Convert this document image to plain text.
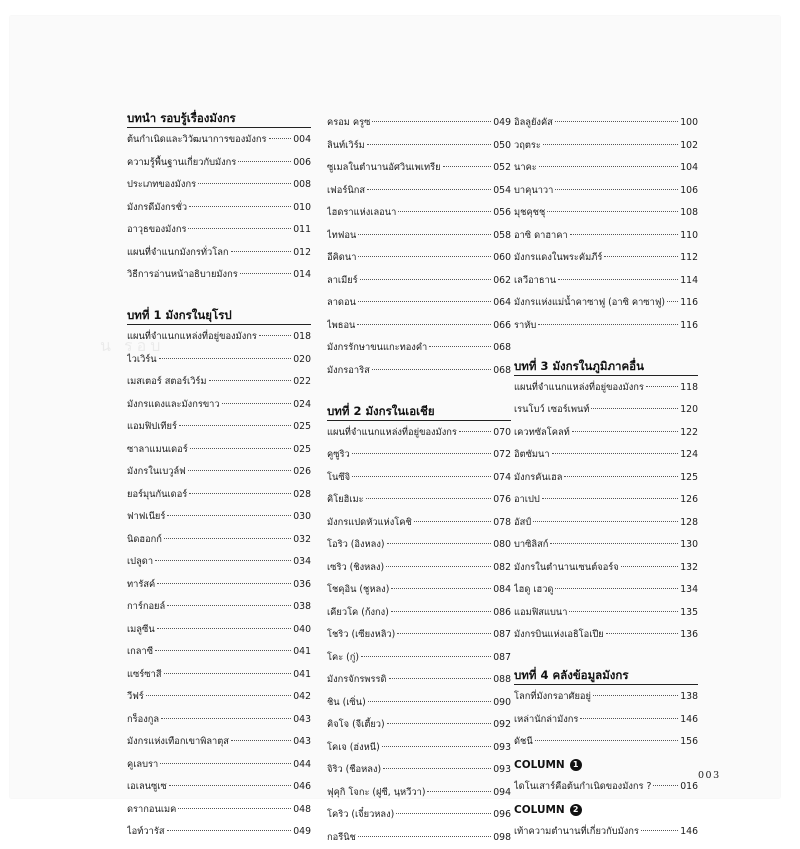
น รอบ
บทนำ รอบรู้เรื่องมังกร
ต้นกำเนิดและวิวัฒนาการของมังกร	004
ความรู้พื้นฐานเกี่ยวกับมังกร	006
ประเภทของมังกร	008
มังกรดีมังกรชั่ว	010
อาวุธของมังกร	011
แผนที่จำแนกมังกรทั่วโลก	012
วิธีการอ่านหน้าอธิบายมังกร	014
บทที่ 1 มังกรในยุโรป
แผนที่จำแนกแหล่งที่อยู่ของมังกร	018
ไวเวิร์น	020
เมสเตอร์ สตอร์เวิร์ม	022
มังกรแดงและมังกรขาว	024
แอมฟิปเทียร์	025
ซาลาแมนเดอร์	025
มังกรในเบวูล์ฟ	026
ยอร์มุนกันเดอร์	028
ฟาฟเนียร์	030
นิดฮอกก์	032
เปลูดา	034
ทารัสค์	036
การ์กอยล์	038
เมลูซีน	040
เกลาซี	041
แซร์ซาสี	041
วีฟร์	042
กร็องกูล	043
มังกรแห่งเทือกเขาพิลาตุส	043
คูเลบรา	044
เอเลนซูเซ	046
ดรากอนเมค	048
ไอท์วารัส	049
ครอม ครูซ	049
ลินท์เวิร์ม	050
ซูเมลในตำนานอัศวินเพเทรีย	052
เฟอร์นิกส	054
ไฮดราแห่งเลอนา	056
ไทฟอน	058
อีคิดนา	060
ลาเมียร์	062
ลาดอน	064
ไพธอน	066
มังกรรักษาขนแกะทองคำ	068
มังกรอาริส	068
บทที่ 2 มังกรในเอเชีย
แผนที่จำแนกแหล่งที่อยู่ของมังกร	070
คูซูริว	072
โนซึจิ	074
คิโยฮิเมะ	076
มังกรแปดหัวแห่งโคชิ	078
โอริว (อิงหลง)	080
เซริว (ชิงหลง)	082
โชคุอิน (ชูหลง)	084
เคียวโค (ก้งกง)	086
โชริว (เซียงหลิว)	087
โคะ (กู่)	087
มังกรจักรพรรดิ	088
ชิน (เซิ่น)	090
คิจโจ (จีเตี้ยว)	092
โคเจ (ฮ่งหนี)	093
จิริว (ชือหลง)	093
ฟุคุกิ โจกะ (ฝูซี, นฺหวีวา)	094
โคริว (เจี๋ยวหลง)	096
กอรีนิช	098
อิลลูยังคัส	100
วฤตระ	102
นาคะ	104
บาคุนาวา	106
มุชคุชชุ	108
อาซิ ดาฮาคา	110
มังกรแดงในพระคัมภีร์	112
เลวีอาธาน	114
มังกรแห่งแม่น้ำคาซาฟู (อาซิ คาซาฟู) 116
ราหับ	116
บทที่ 3 มังกรในภูมิภาคอื่น
แผนที่จำแนกแหล่งที่อยู่ของมังกร	118
เรนโบว์ เซอร์เพนท์	120
เควทซัลโคลท์	122
อิตซัมนา	124
มังกรคันเฮล	125
อาเปป	126
อัสป์	128
บาซิลิสก์	130
มังกรในตำนานเซนต์จอร์จ	132
ไฮดู เฮวดู	134
แอมฟิสแบนา	135
มังกรบินแห่งเอธิโอเปีย	136
บทที่ 4 คลังข้อมูลมังกร
โลกที่มังกรอาศัยอยู่	138
เหล่านักล่ามังกร	146
ดัชนี	156
COLUMN	1
ไดโนเสาร์คือต้นกำเนิดของมังกร ?	016
COLUMN	2
เท้าความตำนานที่เกี่ยวกับมังกร	146
003
